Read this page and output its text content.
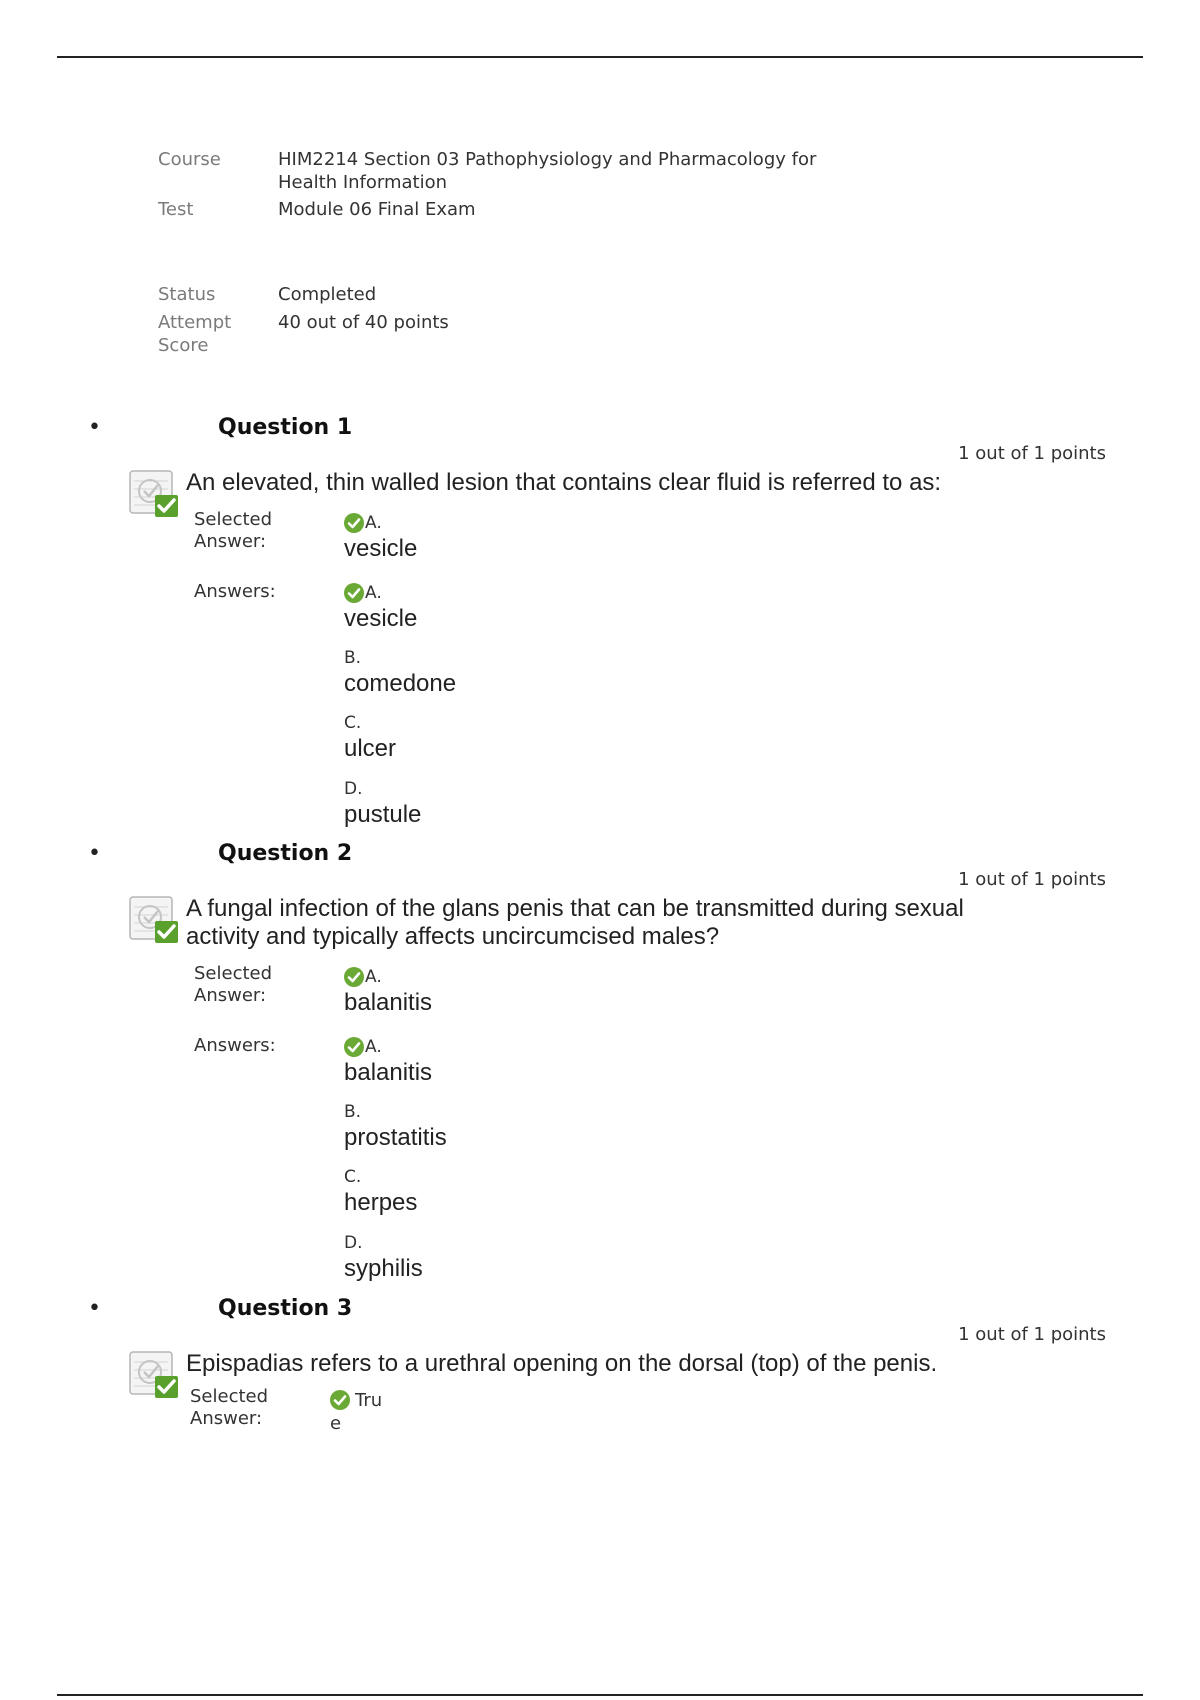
Course	HIM2214 Section 03 Pathophysiology and Pharmacology for
Health Information
Test	Module 06 Final Exam
Status	Completed
Attempt
Score
40 out of 40 points
•	Question 1
1 out of 1 points
An elevated, thin walled lesion that contains clear fluid is referred to as:
Selected
Answer:
A.
vesicle
Answers:	A.
vesicle
B.
comedone
C.
ulcer
D.
pustule
•	Question 2
1 out of 1 points
A fungal infection of the glans penis that can be transmitted during sexual
activity and typically affects uncircumcised males?
Selected
Answer:
A.
balanitis
Answers:	A.
balanitis
B.
prostatitis
C.
herpes
D.
syphilis
•	Question 3
1 out of 1 points
Epispadias refers to a urethral opening on the dorsal (top) of the penis.
Selected
Answer:
Tru
e
